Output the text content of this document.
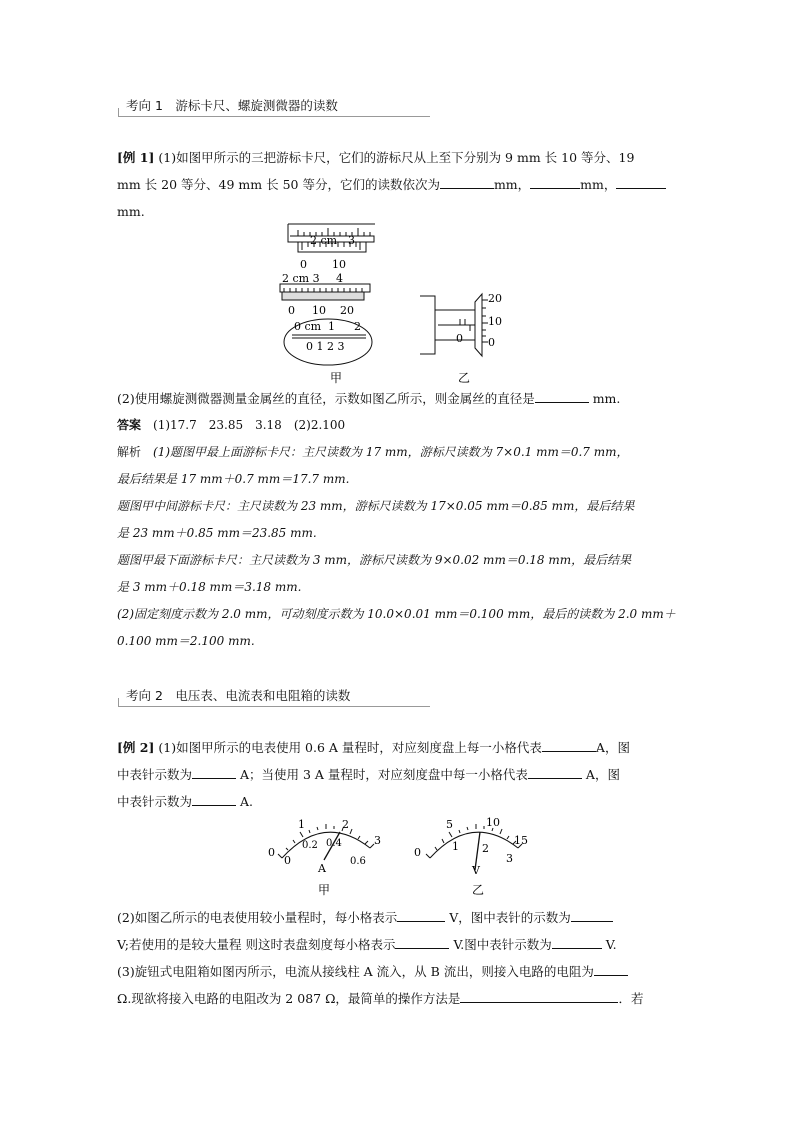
考向 1　游标卡尺、螺旋测微器的读数

[例 1] (1)如图甲所示的三把游标卡尺，它们的游标尺从上至下分别为 9 mm 长 10 等分、19
mm 长 20 等分、49 mm 长 50 等分，它们的读数依次为	mm，	mm，
mm.

2 cm 3
0 10
2 cm 3 4
0 10 20
0 cm 1 2
0 1 2 3
20
10
0
0
甲	乙

(2)使用螺旋测微器测量金属丝的直径，示数如图乙所示，则金属丝的直径是	mm.

答案　 (1)17.7　23.85　3.18　(2)2.100

解析　 (1)题图甲最上面游标卡尺：主尺读数为 17 mm，游标尺读数为 7×0.1 mm＝0.7 mm，
最后结果是 17 mm＋0.7 mm＝17.7 mm.
题图甲中间游标卡尺：主尺读数为 23 mm，游标尺读数为 17×0.05 mm＝0.85 mm，最后结果
是 23 mm＋0.85 mm＝23.85 mm.
题图甲最下面游标卡尺：主尺读数为 3 mm，游标尺读数为 9×0.02 mm＝0.18 mm，最后结果
是 3 mm＋0.18 mm＝3.18 mm.
(2)固定刻度示数为 2.0 mm，可动刻度示数为 10.0×0.01 mm＝0.100 mm，最后的读数为 2.0 mm＋
0.100 mm＝2.100 mm.
考向 2　电压表、电流表和电阻箱的读数

[例 2] (1)如图甲所示的电表使用 0.6 A 量程时，对应刻度盘上每一小格代表	A，图
中表针示数为	A；当使用 3 A 量程时，对应刻度盘中每一小格代表	A，图
中表针示数为	A.

0
1	2
3
0
0.2 0.4
0.6
A
甲
0
5	10
15
1 2
3
V
乙

(2)如图乙所示的电表使用较小量程时，每小格表示	V，图中表针的示数为
V;若使用的是较大量程 则这时表盘刻度每小格表示	V.图中表针示数为	V.
(3)旋钮式电阻箱如图丙所示，电流从接线柱 A 流入，从 B 流出，则接入电路的电阻为
Ω.现欲将接入电路的电阻改为 2 087 Ω，最简单的操作方法是	．若
